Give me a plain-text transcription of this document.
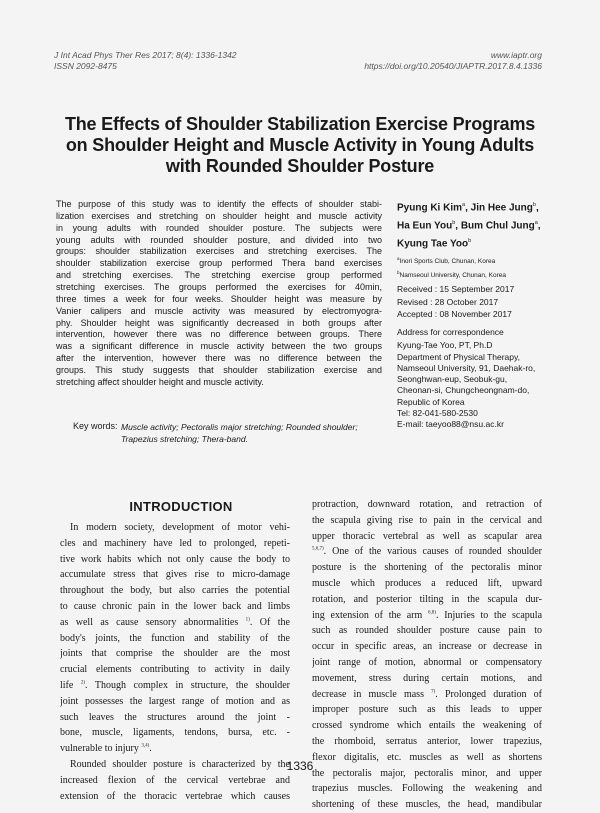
J Int Acad Phys Ther Res 2017; 8(4): 1336-1342
ISSN 2092-8475
www.iaptr.org
https://doi.org/10.20540/JIAPTR.2017.8.4.1336
The Effects of Shoulder Stabilization Exercise Programs
on Shoulder Height and Muscle Activity in Young Adults
with Rounded Shoulder Posture
The purpose of this study was to identify the effects of shoulder stabi-
lization exercises and stretching on shoulder height and muscle activity
in young adults with rounded shoulder posture. The subjects were
young adults with rounded shoulder posture, and divided into two
groups: shoulder stabilization exercises and stretching exercises. The
shoulder stabilization exercise group performed Thera band exercises
and stretching exercises. The stretching exercise group performed
stretching exercises. The groups performed the exercises for 40min,
three times a week for four weeks. Shoulder height was measure by
Vanier calipers and muscle activity was measured by electromyogra-
phy. Shoulder height was significantly decreased in both groups after
intervention, however there was no difference between groups. There
was a significant difference in muscle activity between the two groups
after the intervention, however there was no difference between the
groups. This study suggests that shoulder stabilization exercise and
stretching affect shoulder height and muscle activity.
Pyung Ki Kim$^a$, Jin Hee Jung$^b$,
Ha Eun You$^b$, Bum Chul Jung$^a$,
Kyung Tae Yoo$^b$
$^a$Inori Sports Club, Chunan, Korea
$^b$Namseoul University, Chunan, Korea
Received : 15 September 2017
Revised : 28 October 2017
Accepted : 08 November 2017
Address for correspondence
Kyung-Tae Yoo, PT, Ph.D
Department of Physical Therapy,
Namseoul University, 91, Daehak-ro,
Seonghwan-eup, Seobuk-gu,
Cheonan-si, Chungcheongnam-do,
Republic of Korea
Tel: 82-041-580-2530
E-mail: taeyoo88@nsu.ac.kr
Key words: Muscle activity; Pectoralis major stretching; Rounded shoulder;
Trapezius stretching; Thera-band.
INTRODUCTION
In modern society, development of motor vehi-
cles and machinery have led to prolonged, repeti-
tive work habits which not only cause the body to
accumulate stress that gives rise to micro-damage
throughout the body, but also carries the potential
to cause chronic pain in the lower back and limbs
as well as cause sensory abnormalities $^{1)}$. Of the
body's joints, the function and stability of the
joints that comprise the shoulder are the most
crucial elements contributing to activity in daily
life $^{2)}$. Though complex in structure, the shoulder
joint possesses the largest range of motion and as
such leaves the structures around the joint -
bone, muscle, ligaments, tendons, bursa, etc. -
vulnerable to injury $^{3,4)}$.
Rounded shoulder posture is characterized by the
increased flexion of the cervical vertebrae and
extension of the thoracic vertebrae which causes
protraction, downward rotation, and retraction of
the scapula giving rise to pain in the cervical and
upper thoracic vertebral as well as scapular area
$^{5,6,7)}$. One of the various causes of rounded shoulder
posture is the shortening of the pectoralis minor
muscle which produces a reduced lift, upward
rotation, and posterior tilting in the scapula dur-
ing extension of the arm $^{6,8)}$. Injuries to the scapula
such as rounded shoulder posture cause pain to
occur in specific areas, an increase or decrease in
joint range of motion, abnormal or compensatory
movement, stress during certain motions, and
decrease in muscle mass $^{7)}$. Prolonged duration of
improper posture such as this leads to upper
crossed syndrome which entails the weakening of
the rhomboid, serratus anterior, lower trapezius,
flexor digitalis, etc. muscles as well as shortens
the pectoralis major, pectoralis minor, and upper
trapezius muscles. Following the weakening and
shortening of these muscles, the head, mandibular
1336
